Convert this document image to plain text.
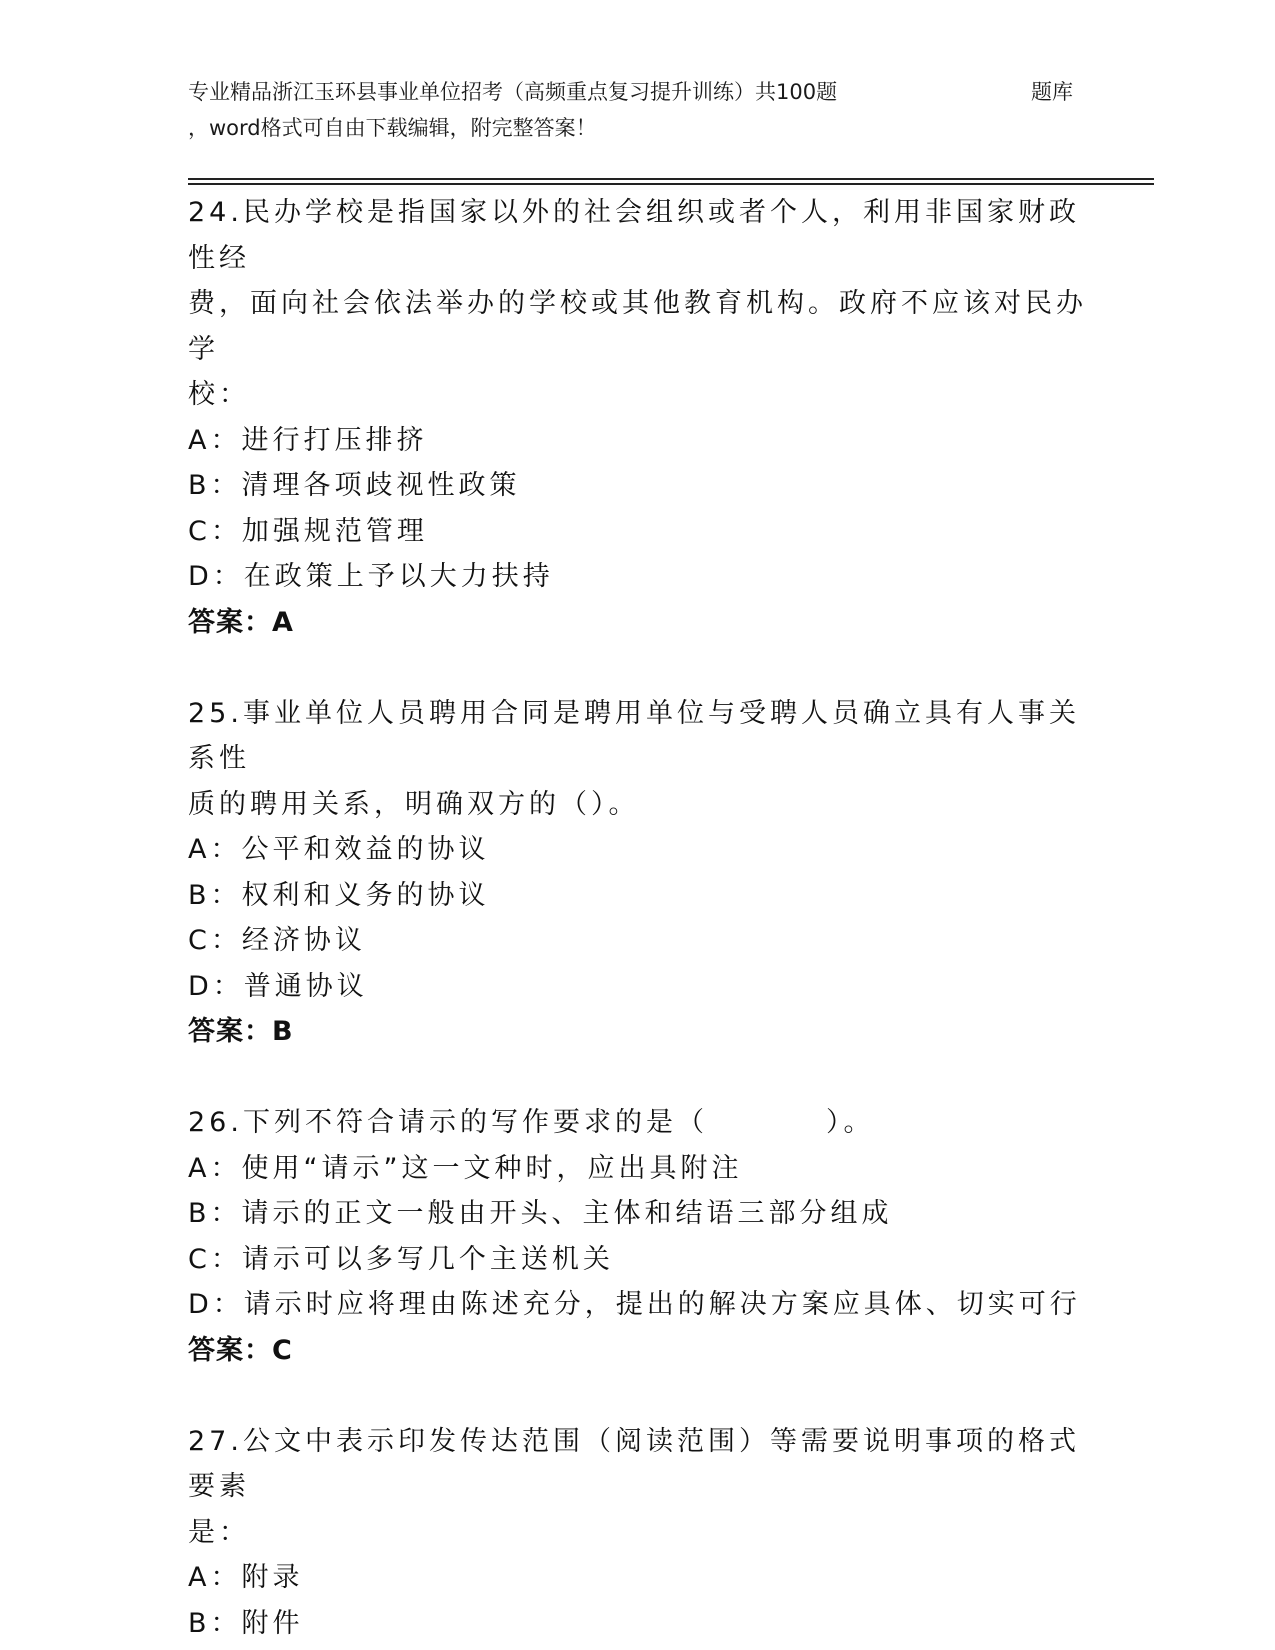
专业精品浙江玉环县事业单位招考（高频重点复习提升训练）共100题	题库
，word格式可自由下载编辑，附完整答案！
24.民办学校是指国家以外的社会组织或者个人，利用非国家财政性经
费，面向社会依法举办的学校或其他教育机构。政府不应该对民办学
校：
A：进行打压排挤
B：清理各项歧视性政策
C：加强规范管理
D：在政策上予以大力扶持
答案：A
25.事业单位人员聘用合同是聘用单位与受聘人员确立具有人事关系性
质的聘用关系，明确双方的（）。
A：公平和效益的协议
B：权利和义务的协议
C：经济协议
D：普通协议
答案：B
26.下列不符合请示的写作要求的是（	）。
A：使用“请示”这一文种时，应出具附注
B：请示的正文一般由开头、主体和结语三部分组成
C：请示可以多写几个主送机关
D：请示时应将理由陈述充分，提出的解决方案应具体、切实可行
答案：C
27.公文中表示印发传达范围（阅读范围）等需要说明事项的格式要素
是：
A：附录
B：附件
